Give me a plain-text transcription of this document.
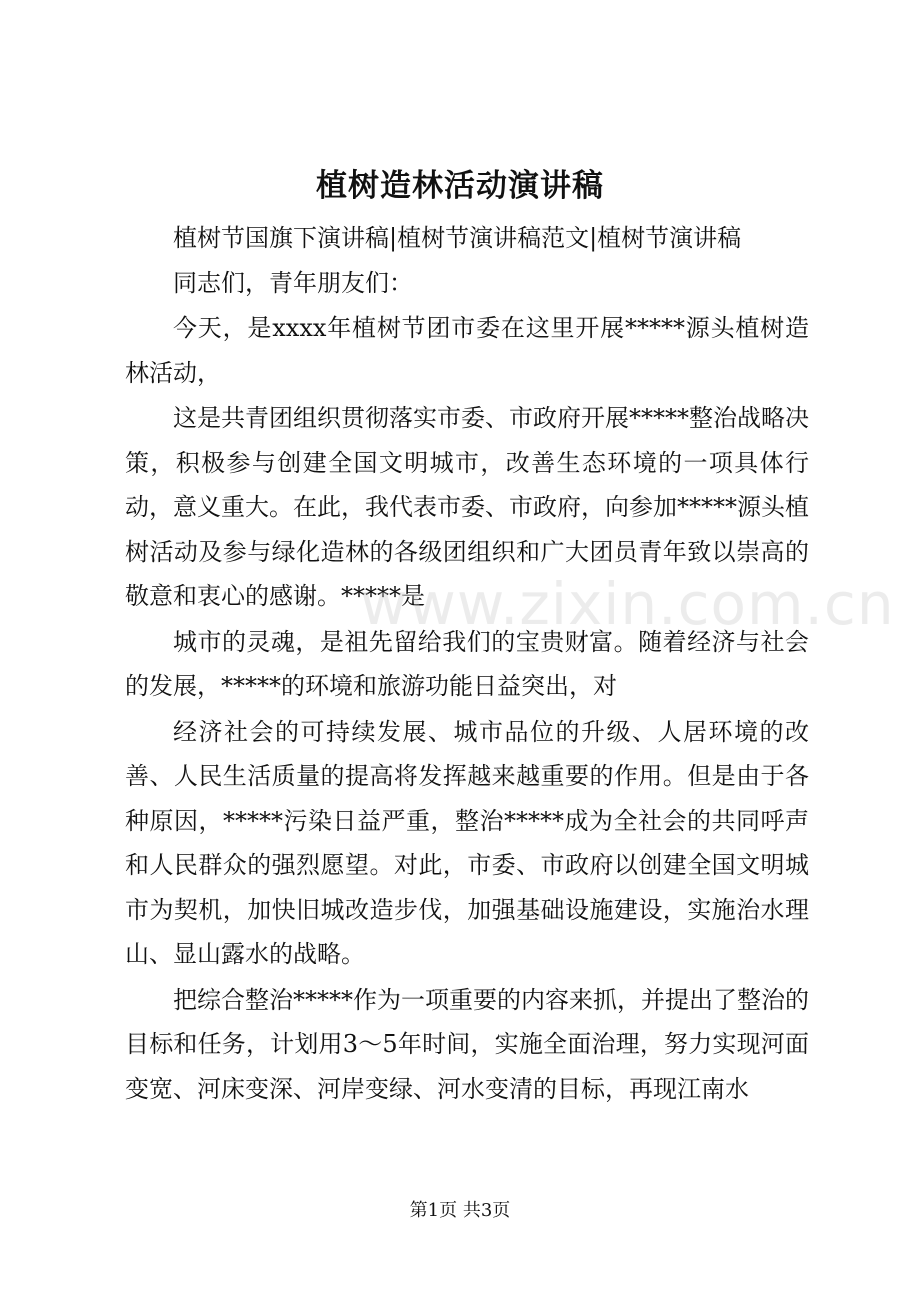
植树造林活动演讲稿

植树节国旗下演讲稿|植树节演讲稿范文|植树节演讲稿

同志们，青年朋友们：

今天，是xxxx年植树节团市委在这里开展*****源头植树造林活动，

这是共青团组织贯彻落实市委、市政府开展*****整治战略决策，积极参与创建全国文明城市，改善生态环境的一项具体行动，意义重大。在此，我代表市委、市政府，向参加*****源头植树活动及参与绿化造林的各级团组织和广大团员青年致以崇高的敬意和衷心的感谢。*****是

城市的灵魂，是祖先留给我们的宝贵财富。随着经济与社会的发展，*****的环境和旅游功能日益突出，对

经济社会的可持续发展、城市品位的升级、人居环境的改善、人民生活质量的提高将发挥越来越重要的作用。但是由于各种原因，*****污染日益严重，整治*****成为全社会的共同呼声和人民群众的强烈愿望。对此，市委、市政府以创建全国文明城市为契机，加快旧城改造步伐，加强基础设施建设，实施治水理山、显山露水的战略。

把综合整治*****作为一项重要的内容来抓，并提出了整治的目标和任务，计划用3～5年时间，实施全面治理，努力实现河面变宽、河床变深、河岸变绿、河水变清的目标，再现江南水

www.zixin.com.cn
第1页 共3页
